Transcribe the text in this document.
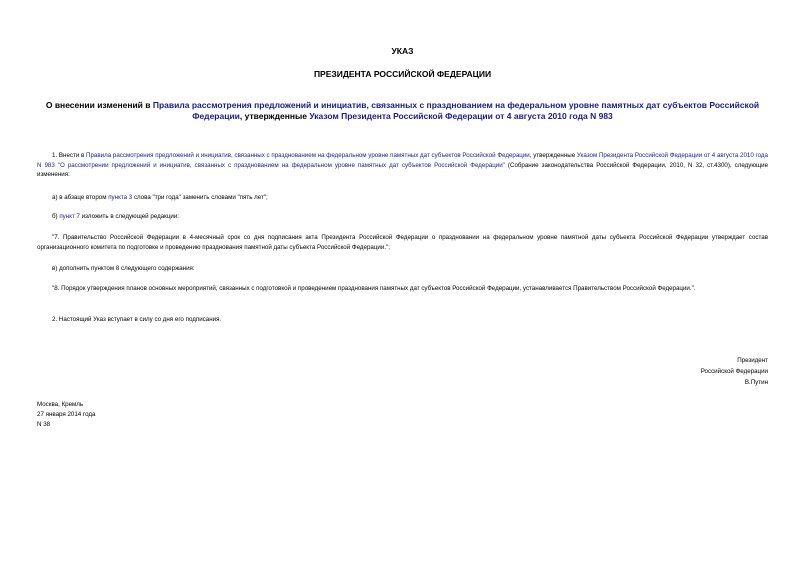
УКАЗ
ПРЕЗИДЕНТА РОССИЙСКОЙ ФЕДЕРАЦИИ
О внесении изменений в Правила рассмотрения предложений и инициатив, связанных с празднованием на федеральном уровне памятных дат субъектов Российской Федерации, утвержденные Указом Президента Российской Федерации от 4 августа 2010 года N 983
1. Внести в Правила рассмотрения предложений и инициатив, связанных с празднованием на федеральном уровне памятных дат субъектов Российской Федерации, утвержденные Указом Президента Российской Федерации от 4 августа 2010 года N 983 "О рассмотрении предложений и инициатив, связанных с празднованием на федеральном уровне памятных дат субъектов Российской Федерации" (Собрание законодательства Российской Федерации, 2010, N 32, ст.4300), следующие изменения:
а) в абзаце втором пункта 3 слова "три года" заменить словами "пять лет";
б) пункт 7 изложить в следующей редакции:
"7. Правительство Российской Федерации в 4-месячный срок со дня подписания акта Президента Российской Федерации о праздновании на федеральном уровне памятной даты субъекта Российской Федерации утверждает состав организационного комитета по подготовке и проведению празднования памятной даты субъекта Российской Федерации.";
в) дополнить пунктом 8 следующего содержания:
"8. Порядок утверждения планов основных мероприятий, связанных с подготовкой и проведением празднования памятных дат субъектов Российской Федерации, устанавливается Правительством Российской Федерации.".
2. Настоящий Указ вступает в силу со дня его подписания.
Президент
Российской Федерации
В.Путин
Москва, Кремль
27 января 2014 года
N 38
